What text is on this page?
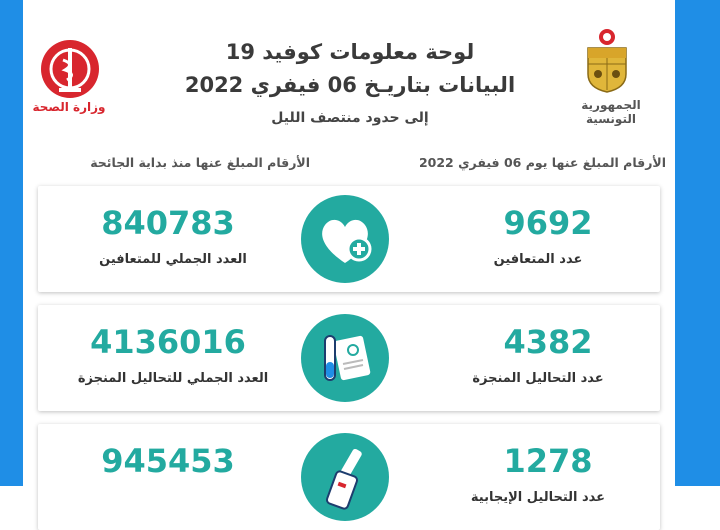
وزارة الصحة	الجمهورية التونسية
لوحة معلومات كوفيد 19
البيانات بتاريـخ 06 فيفري 2022
إلى حدود منتصف الليل
الأرقام المبلغ عنها يوم 06 فيفري 2022
الأرقام المبلغ عنها منذ بداية الجائحة
9692
عدد المتعافين
840783
العدد الجملي للمتعافين
4382
عدد التحاليل المنجزة
4136016
العدد الجملي للتحاليل المنجزة
1278
عدد التحاليل الإيجابية
945453
